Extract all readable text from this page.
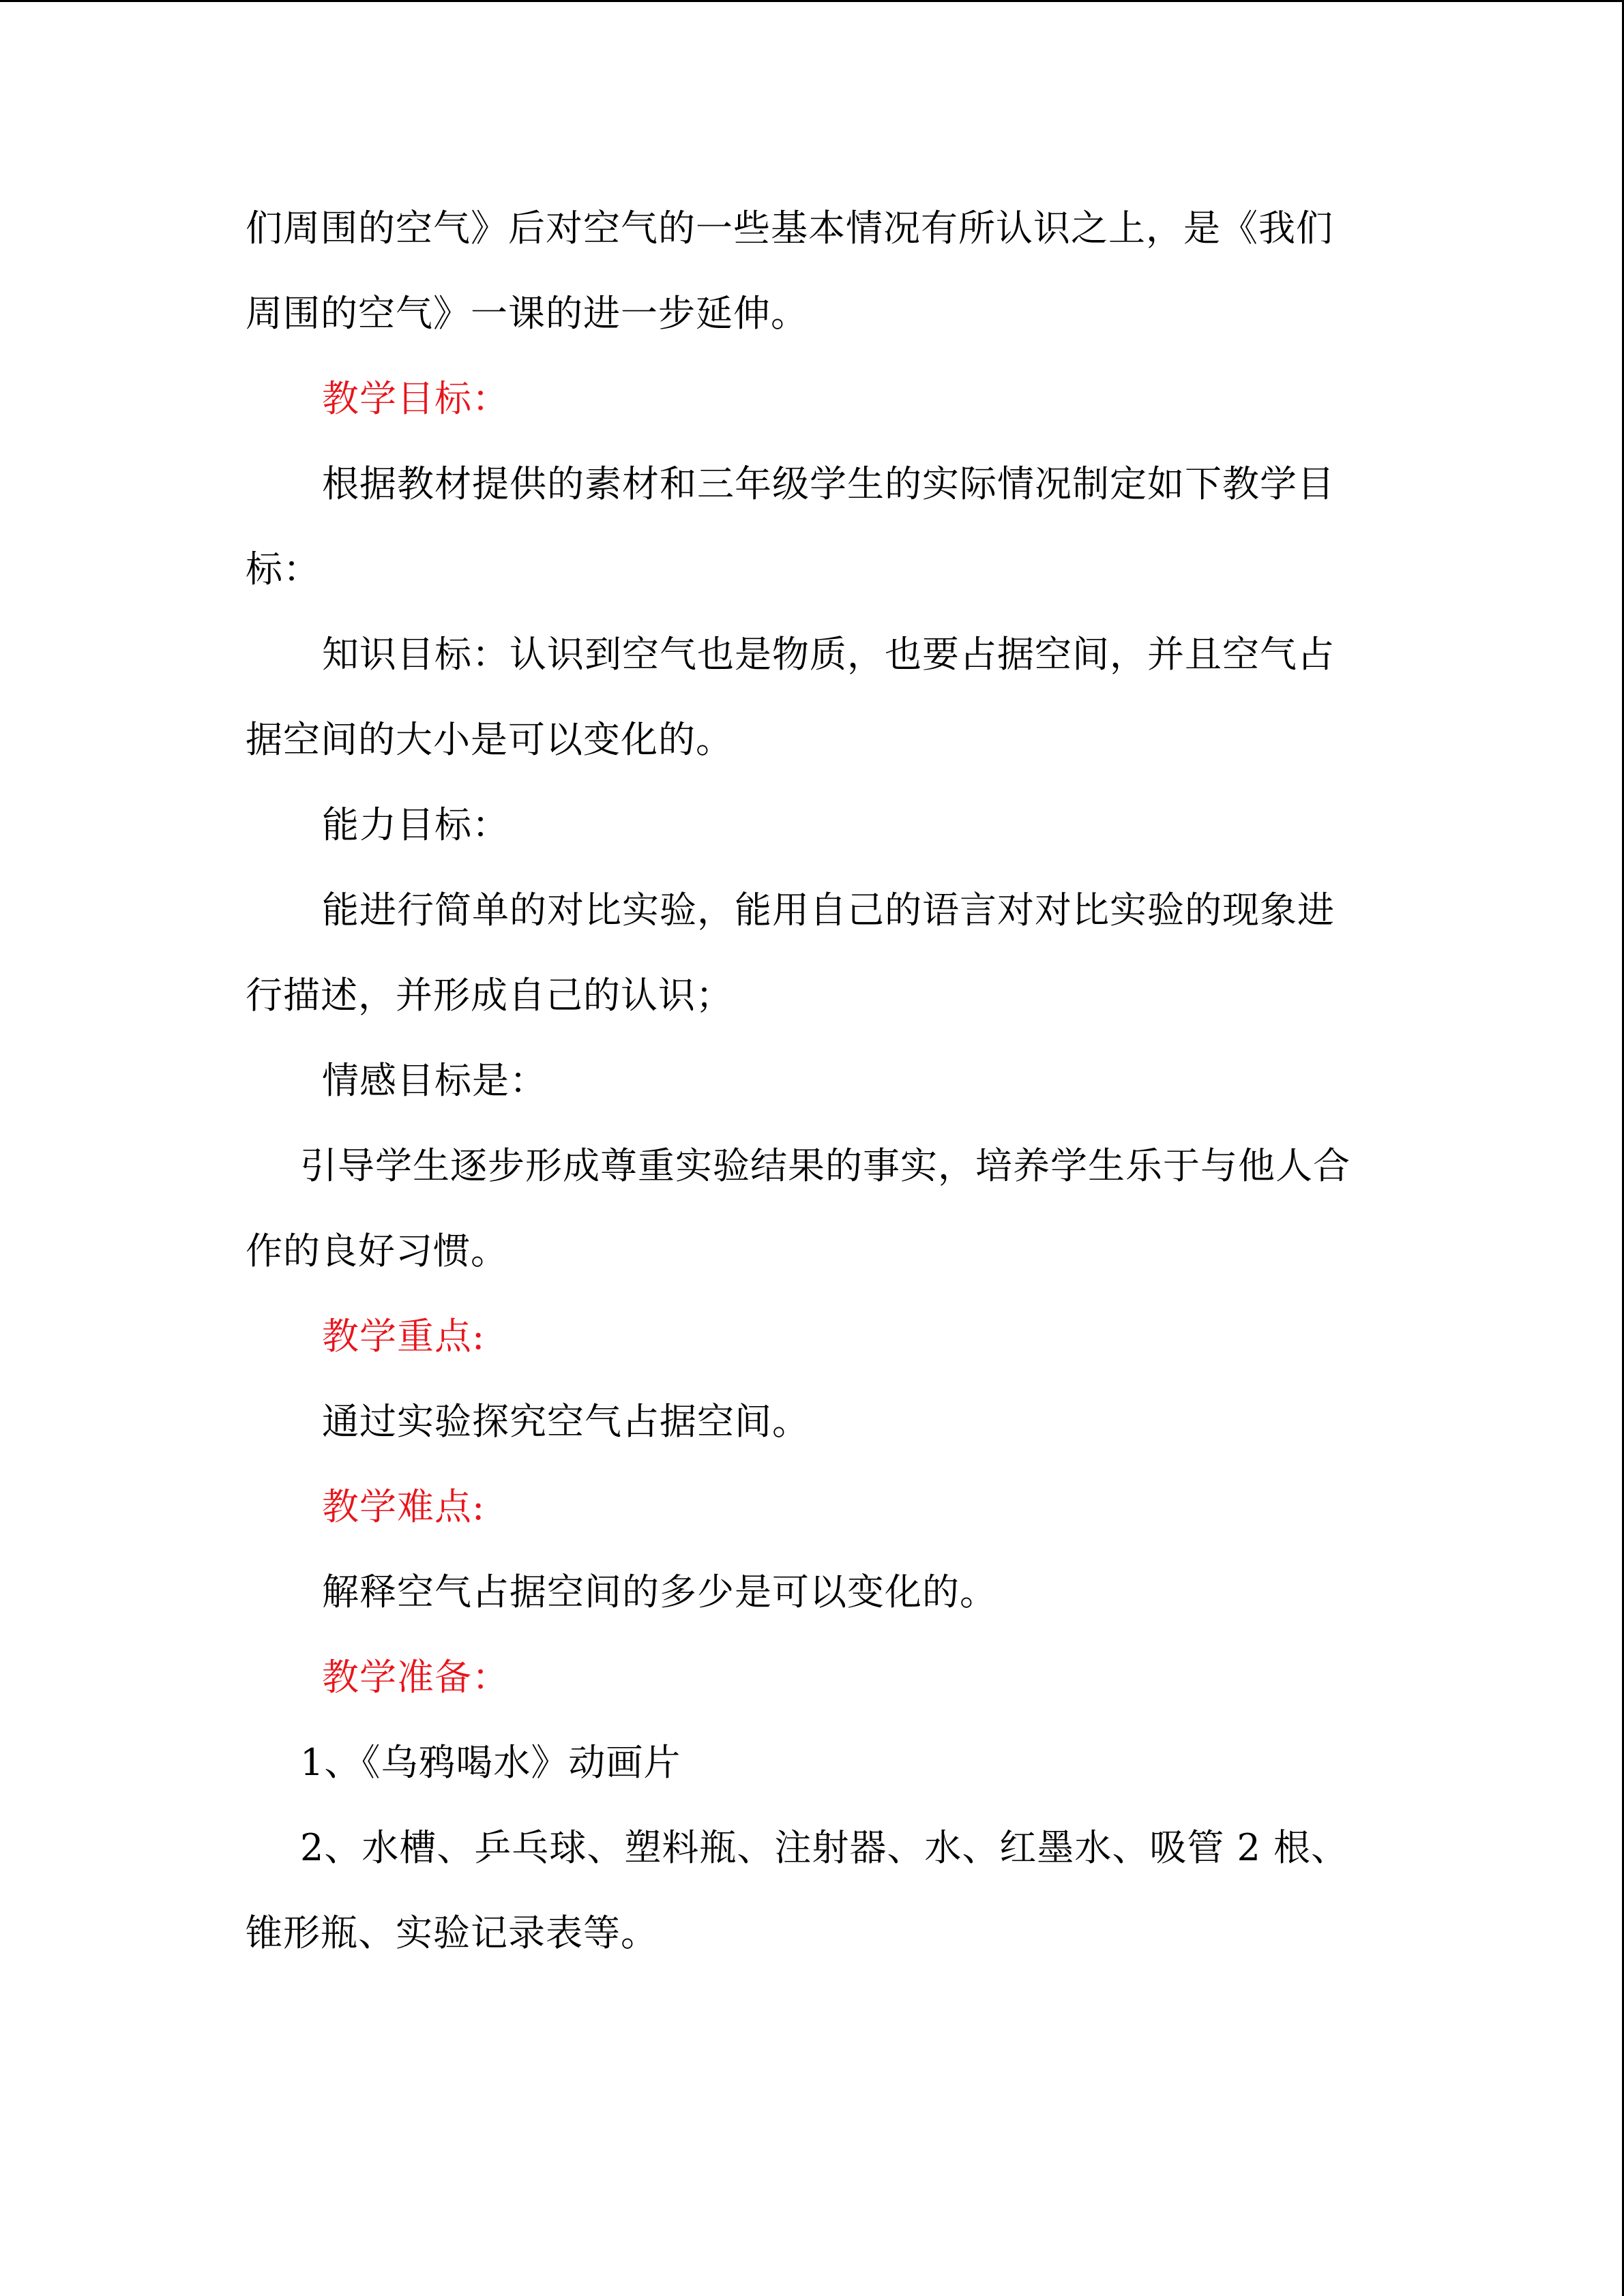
们周围的空气》后对空气的一些基本情况有所认识之上，是《我们
周围的空气》一课的进一步延伸。
教学目标：
根据教材提供的素材和三年级学生的实际情况制定如下教学目
标：
知识目标：认识到空气也是物质，也要占据空间，并且空气占
据空间的大小是可以变化的。
能力目标：
能进行简单的对比实验，能用自己的语言对对比实验的现象进
行描述，并形成自己的认识；
情感目标是：
引导学生逐步形成尊重实验结果的事实，培养学生乐于与他人合
作的良好习惯。
教学重点:
通过实验探究空气占据空间。
教学难点:
解释空气占据空间的多少是可以变化的。
教学准备：
1、《乌鸦喝水》动画片
2、水槽、乒乓球、塑料瓶、注射器、水、红墨水、吸管 2 根、
锥形瓶、实验记录表等。
